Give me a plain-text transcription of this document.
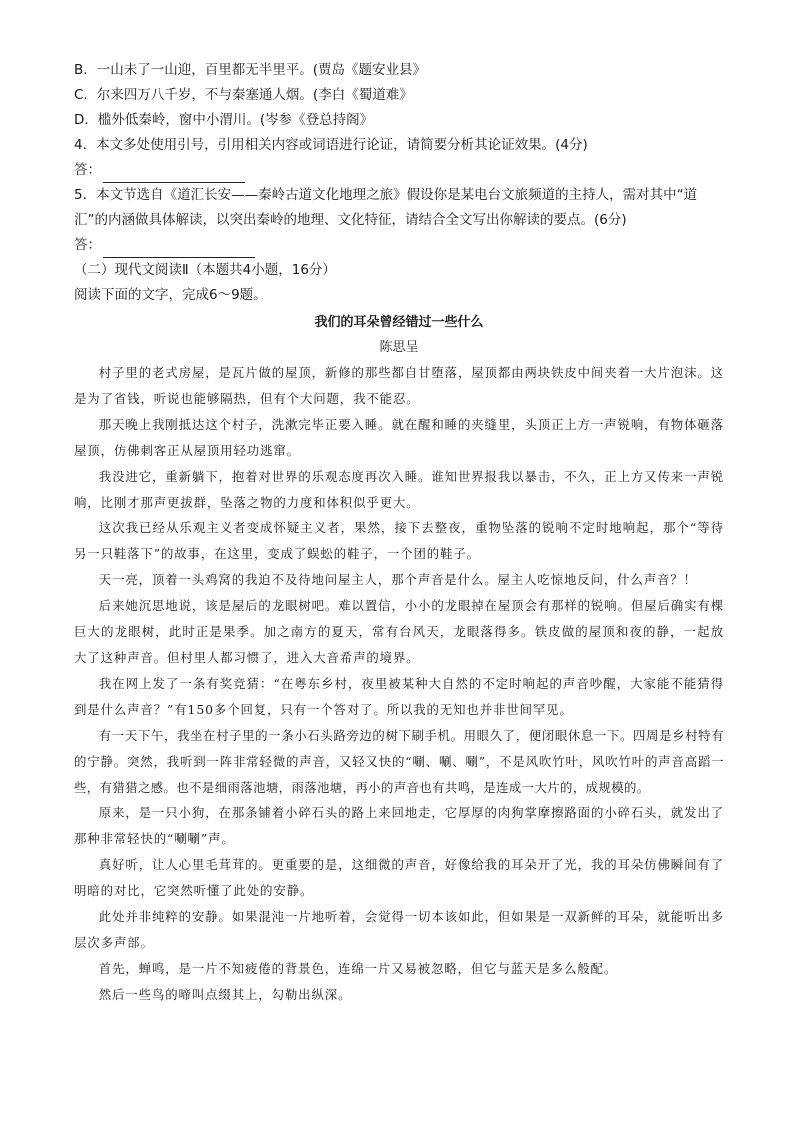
B．一山未了一山迎，百里都无半里平。(贾岛《题安业县》
C．尔来四万八千岁，不与秦塞通人烟。(李白《蜀道难》
D．槛外低秦岭，窗中小渭川。(岑参《登总持阁》
4．本文多处使用引号，引用相关内容或词语进行论证，请简要分析其论证效果。(4分)
答：
5．本文节选自《道汇长安——秦岭古道文化地理之旅》假设你是某电台文旅频道的主持人，需对其中“道
汇”的内涵做具体解读，以突出秦岭的地理、文化特征，请结合全文写出你解读的要点。(6分)
答：
（二）现代文阅读Ⅱ（本题共4小题，16分）
阅读下面的文字，完成6～9题。
我们的耳朵曾经错过一些什么
陈思呈

村子里的老式房屋，是瓦片做的屋顶，新修的那些都自甘堕落，屋顶都由两块铁皮中间夹着一大片泡沫。这是为了省钱，听说也能够隔热，但有个大问题，我不能忍。

那天晚上我刚抵达这个村子，洗漱完毕正要入睡。就在醒和睡的夹缝里，头顶正上方一声锐响，有物体砸落屋顶，仿佛刺客正从屋顶用轻功逃窜。

我没进它，重新躺下，抱着对世界的乐观态度再次入睡。谁知世界报我以暴击，不久，正上方又传来一声锐响，比刚才那声更拔群，坠落之物的力度和体积似乎更大。

这次我已经从乐观主义者变成怀疑主义者，果然，接下去整夜，重物坠落的锐响不定时地响起，那个“等待另一只鞋落下”的故事，在这里，变成了蜈蚣的鞋子，一个团的鞋子。

天一亮，顶着一头鸡窝的我迫不及待地问屋主人，那个声音是什么。屋主人吃惊地反问，什么声音？！

后来她沉思地说，该是屋后的龙眼树吧。难以置信，小小的龙眼掉在屋顶会有那样的锐响。但屋后确实有棵巨大的龙眼树，此时正是果季。加之南方的夏天，常有台风天，龙眼落得多。铁皮做的屋顶和夜的静，一起放大了这种声音。但村里人都习惯了，进入大音希声的境界。

我在网上发了一条有奖竞猜：“在粤东乡村，夜里被某种大自然的不定时响起的声音吵醒，大家能不能猜得到是什么声音？”有150多个回复，只有一个答对了。所以我的无知也并非世间罕见。

有一天下午，我坐在村子里的一条小石头路旁边的树下刷手机。用眼久了，便闭眼休息一下。四周是乡村特有的宁静。突然，我听到一阵非常轻微的声音，又轻又快的“唰、唰、唰”，不是风吹竹叶，风吹竹叶的声音高蹈一些，有猎猎之感。也不是细雨落池塘，雨落池塘，再小的声音也有共鸣，是连成一大片的，成规模的。

原来，是一只小狗，在那条铺着小碎石头的路上来回地走，它厚厚的肉狗掌摩擦路面的小碎石头，就发出了那种非常轻快的“唰唰”声。

真好听，让人心里毛茸茸的。更重要的是，这细微的声音，好像给我的耳朵开了光，我的耳朵仿佛瞬间有了明暗的对比，它突然听懂了此处的安静。

此处并非纯粹的安静。如果混沌一片地听着，会觉得一切本该如此，但如果是一双新鲜的耳朵，就能听出多层次多声部。

首先，蝉鸣，是一片不知疲倦的背景色，连绵一片又易被忽略，但它与蓝天是多么般配。

然后一些鸟的啼叫点缀其上，勾勒出纵深。
